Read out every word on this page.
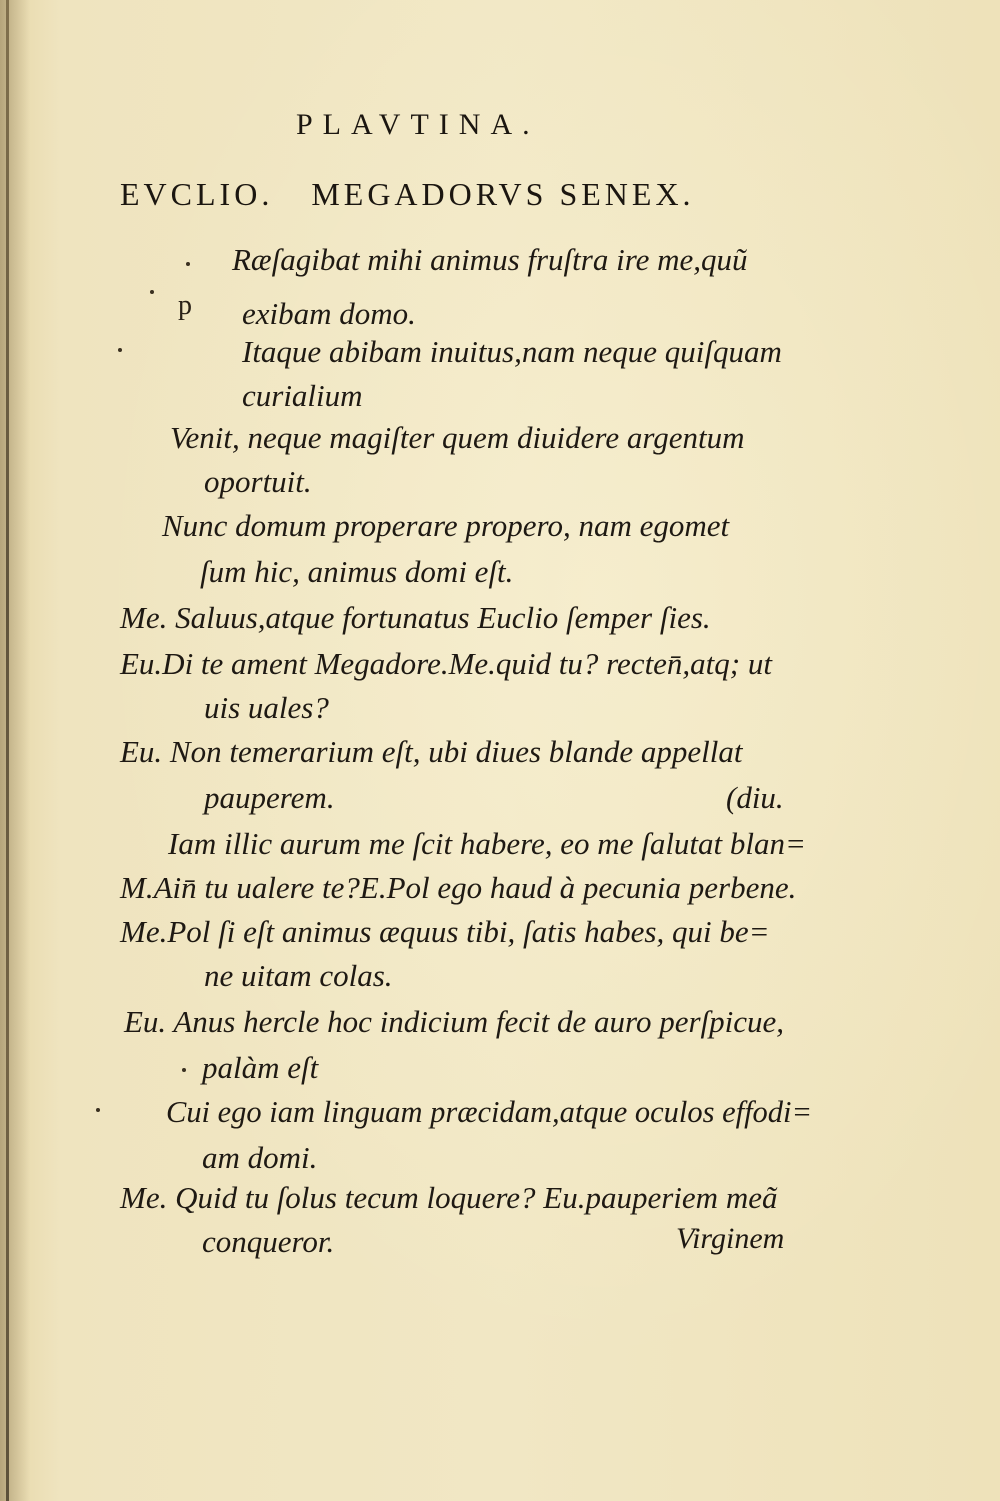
PLAVTINA.
EVCLIO. MEGADORVS SENEX.
p
Ræſagibat mihi animus fruſtra ire me,quũ
exibam domo.
Itaque abibam inuitus,nam neque quiſquam
curialium
Venit, neque magiſter quem diuidere argentum
oportuit.
Nunc domum properare propero, nam egomet
ſum hic, animus domi eſt.
Me. Saluus,atque fortunatus Euclio ſemper ſies.
Eu.Di te ament Megadore.Me.quid tu? recten̄,atq; ut
uis uales?
Eu. Non temerarium eſt, ubi diues blande appellat
pauperem.	(diu.
Iam illic aurum me ſcit habere, eo me ſalutat blan=
M.Ain̄ tu ualere te?E.Pol ego haud à pecunia perbene.
Me.Pol ſi eſt animus æquus tibi, ſatis habes, qui be=
ne uitam colas.
Eu. Anus hercle hoc indicium fecit de auro perſpicue,
palàm eſt
Cui ego iam linguam præcidam,atque oculos effodi=
am domi.
Me. Quid tu ſolus tecum loquere? Eu.pauperiem meã
conqueror.	Virginem
